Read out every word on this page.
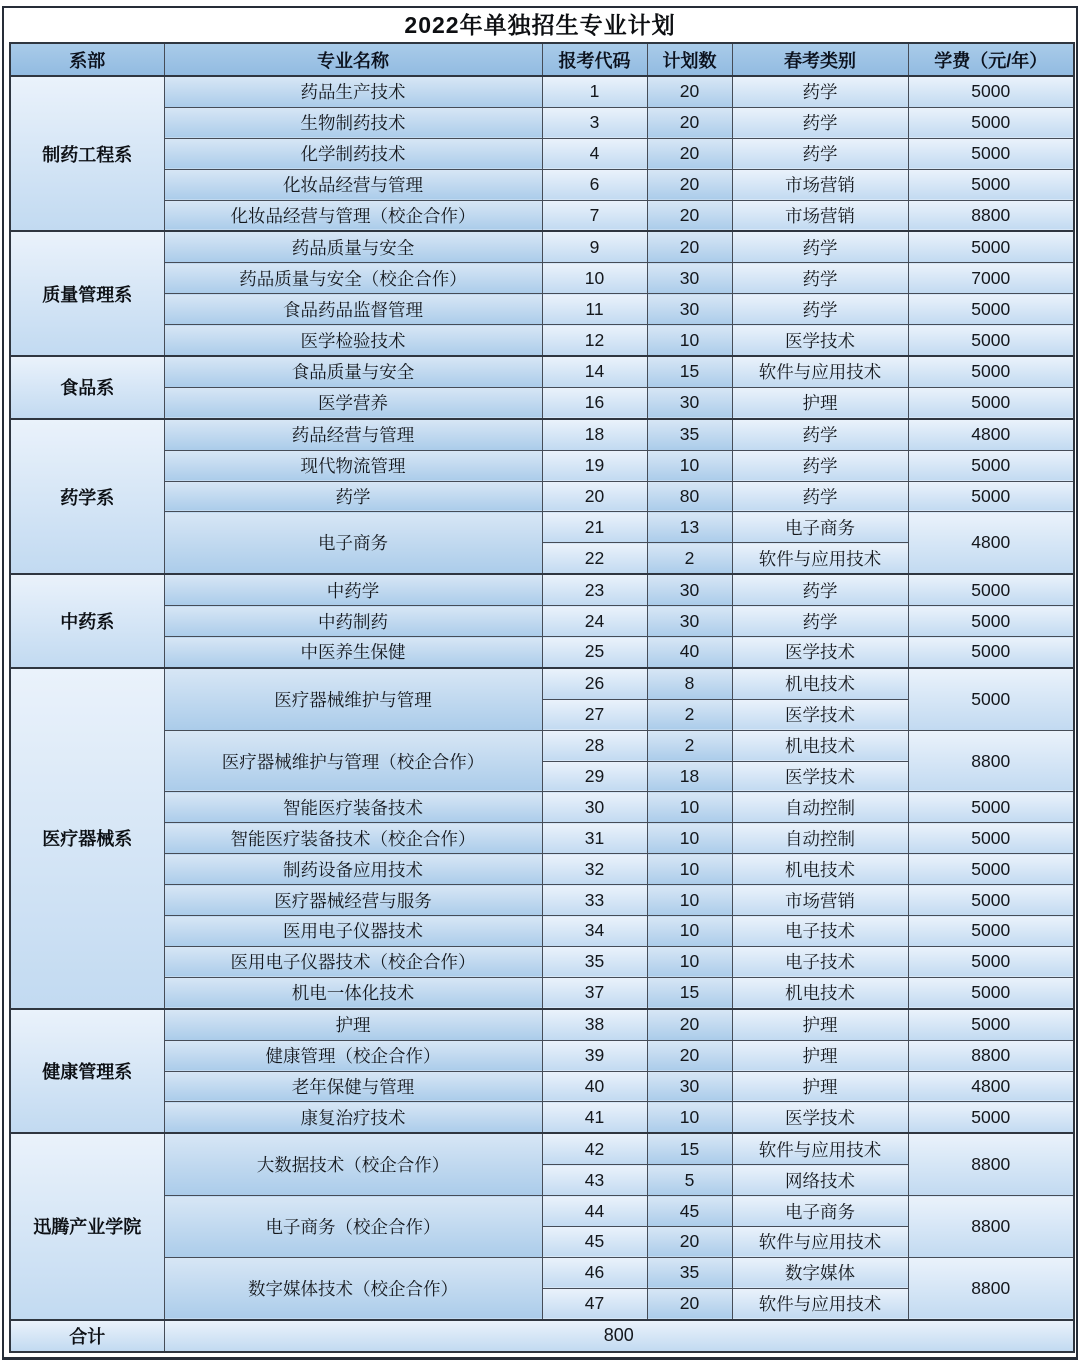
2022年单独招生专业计划
系部	专业名称	报考代码	计划数	春考类别	学费（元/年）
制药工程系	药品生产技术	1	20	药学	5000
	生物制药技术	3	20	药学	5000
	化学制药技术	4	20	药学	5000
	化妆品经营与管理	6	20	市场营销	5000
	化妆品经营与管理（校企合作）	7	20	市场营销	8800
质量管理系	药品质量与安全	9	20	药学	5000
	药品质量与安全（校企合作）	10	30	药学	7000
	食品药品监督管理	11	30	药学	5000
	医学检验技术	12	10	医学技术	5000
食品系	食品质量与安全	14	15	软件与应用技术	5000
	医学营养	16	30	护理	5000
药学系	药品经营与管理	18	35	药学	4800
	现代物流管理	19	10	药学	5000
	药学	20	80	药学	5000
	电子商务	21	13	电子商务	4800
		22	2	软件与应用技术	
中药系	中药学	23	30	药学	5000
	中药制药	24	30	药学	5000
	中医养生保健	25	40	医学技术	5000
医疗器械系	医疗器械维护与管理	26	8	机电技术	5000
		27	2	医学技术	
	医疗器械维护与管理（校企合作）	28	2	机电技术	8800
		29	18	医学技术	
	智能医疗装备技术	30	10	自动控制	5000
	智能医疗装备技术（校企合作）	31	10	自动控制	5000
	制药设备应用技术	32	10	机电技术	5000
	医疗器械经营与服务	33	10	市场营销	5000
	医用电子仪器技术	34	10	电子技术	5000
	医用电子仪器技术（校企合作）	35	10	电子技术	5000
	机电一体化技术	37	15	机电技术	5000
健康管理系	护理	38	20	护理	5000
	健康管理（校企合作）	39	20	护理	8800
	老年保健与管理	40	30	护理	4800
	康复治疗技术	41	10	医学技术	5000
迅腾产业学院	大数据技术（校企合作）	42	15	软件与应用技术	8800
		43	5	网络技术	
	电子商务（校企合作）	44	45	电子商务	8800
		45	20	软件与应用技术	
	数字媒体技术（校企合作）	46	35	数字媒体	8800
		47	20	软件与应用技术	
合计	800				
